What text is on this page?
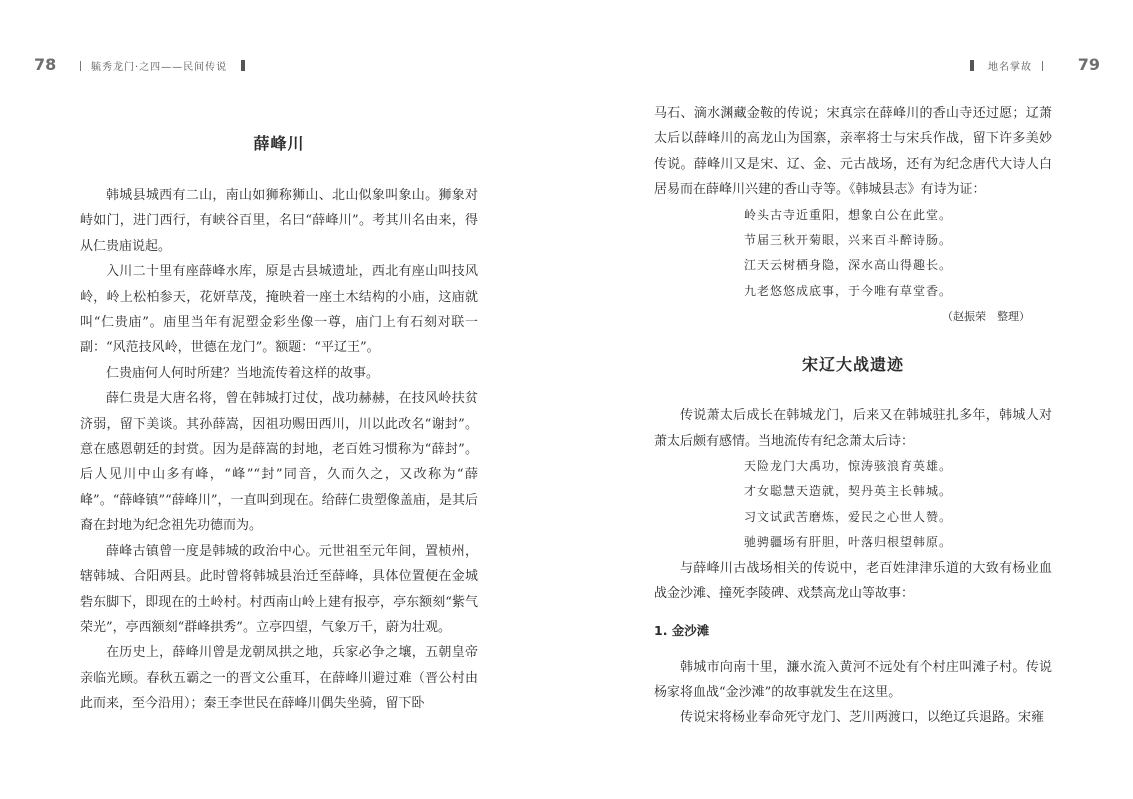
78	毓秀龙门·之四——民间传说	地名掌故	79
薛峰川

韩城县城西有二山，南山如狮称狮山、北山似象叫象山。狮象对峙如门，进门西行，有峡谷百里，名曰“薛峰川”。考其川名由来，得从仁贵庙说起。

入川二十里有座薛峰水库，原是古县城遗址，西北有座山叫技风岭，岭上松柏参天，花妍草茂，掩映着一座土木结构的小庙，这庙就叫“仁贵庙”。庙里当年有泥塑金彩坐像一尊，庙门上有石刻对联一副：“风范技风岭，世德在龙门”。额题：“平辽王”。

仁贵庙何人何时所建？当地流传着这样的故事。

薛仁贵是大唐名将，曾在韩城打过仗，战功赫赫，在技风岭扶贫济弱，留下美谈。其孙薛嵩，因祖功赐田西川，川以此改名“谢封”。意在感恩朝廷的封赏。因为是薛嵩的封地，老百姓习惯称为“薛封”。后人见川中山多有峰，“峰”“封”同音，久而久之，又改称为“薛峰”。“薛峰镇”“薛峰川”，一直叫到现在。给薛仁贵塑像盖庙，是其后裔在封地为纪念祖先功德而为。

薛峰古镇曾一度是韩城的政治中心。元世祖至元年间，置桢州，辖韩城、合阳两县。此时曾将韩城县治迁至薛峰，具体位置便在金城砦东脚下，即现在的土岭村。村西南山岭上建有报亭，亭东额刻“紫气荣光”，亭西额刻“群峰拱秀”。立亭四望，气象万千，蔚为壮观。

在历史上，薛峰川曾是龙朝凤拱之地，兵家必争之壤，五朝皇帝亲临光顾。春秋五霸之一的晋文公重耳，在薛峰川避过难（晋公村由此而来，至今沿用）；秦王李世民在薛峰川偶失坐骑，留下卧

马石、滴水渊藏金鞍的传说；宋真宗在薛峰川的香山寺还过愿；辽萧太后以薛峰川的高龙山为国寨，亲率将士与宋兵作战，留下许多美妙传说。薛峰川又是宋、辽、金、元古战场，还有为纪念唐代大诗人白居易而在薛峰川兴建的香山寺等。《韩城县志》有诗为证：

岭头古寺近重阳，想象白公在此堂。

节届三秋开菊眼，兴来百斗醉诗肠。

江天云树栖身隐，深水高山得趣长。

九老悠悠成底事，于今唯有草堂香。

（赵振荣　整理）
宋辽大战遗迹

传说萧太后成长在韩城龙门，后来又在韩城驻扎多年，韩城人对萧太后颇有感情。当地流传有纪念萧太后诗：

天险龙门大禹功，惊涛骇浪育英雄。

才女聪慧天造就，契丹英主长韩城。

习文试武苦磨炼，爱民之心世人赞。

驰骋疆场有肝胆，叶落归根望韩原。

与薛峰川古战场相关的传说中，老百姓津津乐道的大致有杨业血战金沙滩、撞死李陵碑、戏禁高龙山等故事：

1. 金沙滩

韩城市向南十里，濂水流入黄河不远处有个村庄叫滩子村。传说杨家将血战“金沙滩”的故事就发生在这里。

传说宋将杨业奉命死守龙门、芝川两渡口，以绝辽兵退路。宋雍
